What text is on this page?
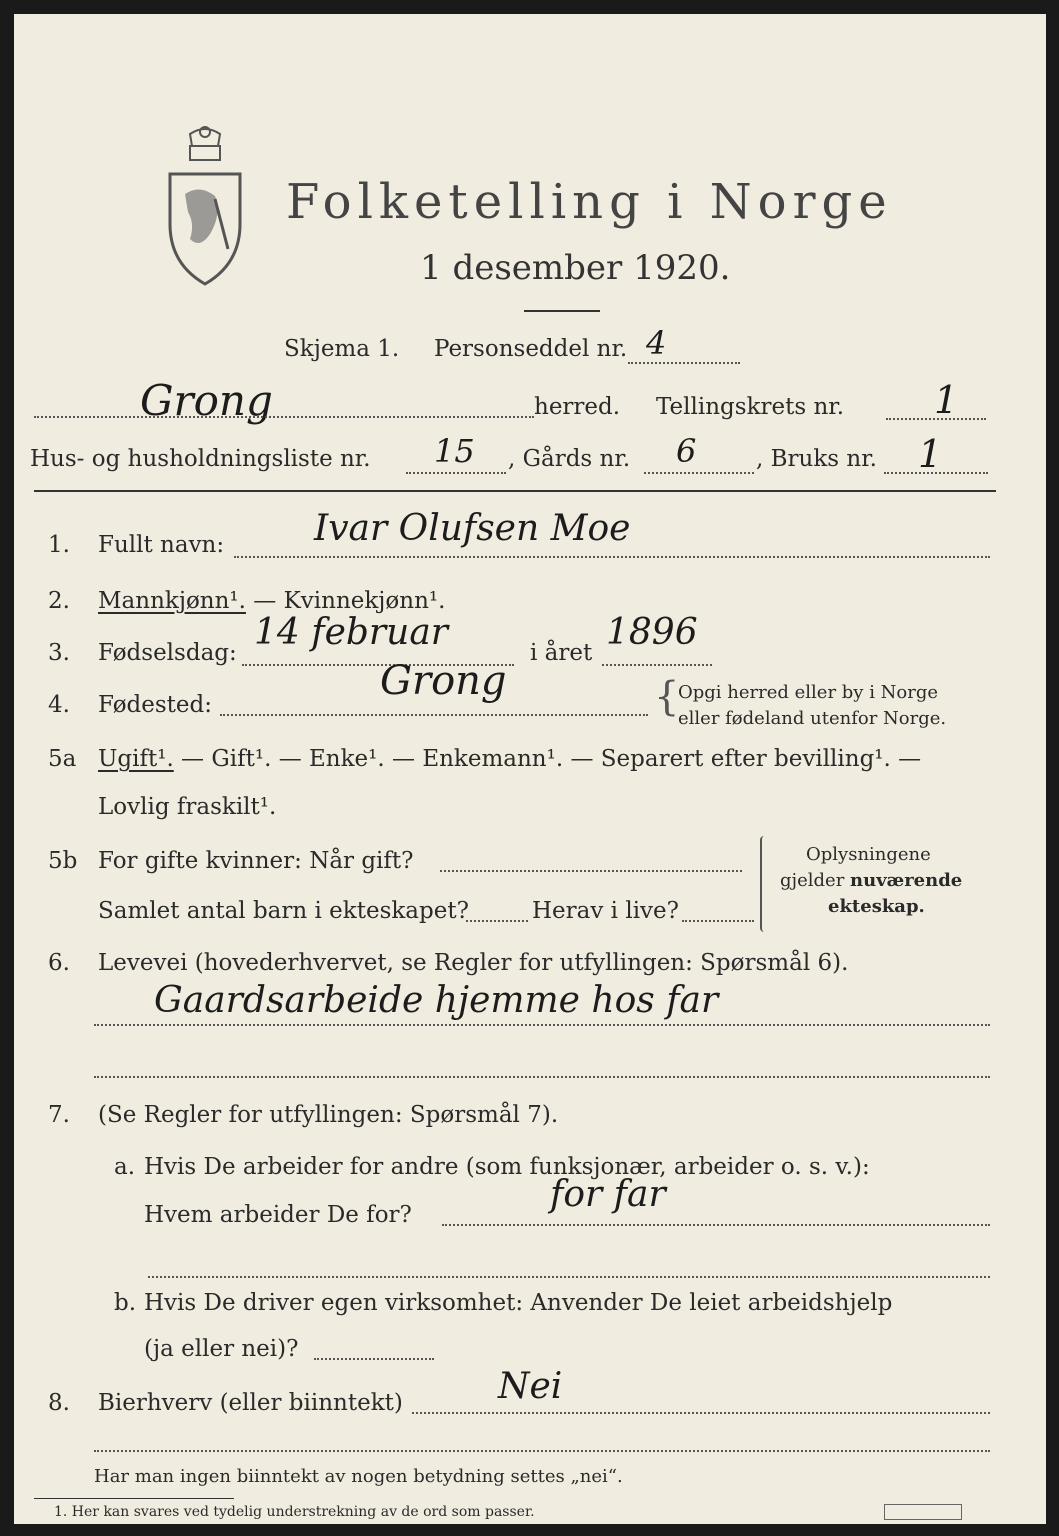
Folketelling i Norge
1 desember 1920.
Skjema 1. Personseddel nr. 4
Grong	herred. Tellingskrets nr. 1
Hus- og husholdningsliste nr. 15 , Gårds nr. 6	, Bruks nr. 1
1. Fullt navn: Ivar Olufsen Moe
2. Mannkjønn¹. — Kvinnekjønn¹.
3. Fødselsdag: 14 februar	i året 1896
4. Fødested:
Grong	{
Opgi herred eller by i Norge
eller fødeland utenfor Norge.
5a Ugift¹. — Gift¹. — Enke¹. — Enkemann¹. — Separert efter bevilling¹. —
Lovlig fraskilt¹.
5b For gifte kvinner: Når gift?
Samlet antal barn i ekteskapet?	Herav i live?
Oplysningene
gjelder nuværende
ekteskap.
6. Levevei (hovederhvervet, se Regler for utfyllingen: Spørsmål 6).
Gaardsarbeide hjemme hos far
7. (Se Regler for utfyllingen: Spørsmål 7).
a. Hvis De arbeider for andre (som funksjonær, arbeider o. s. v.):
Hvem arbeider De for?	for far
b. Hvis De driver egen virksomhet: Anvender De leiet arbeidshjelp
(ja eller nei)?
8. Bierhverv (eller biinntekt)	Nei
Har man ingen biinntekt av nogen betydning settes „nei“.
1. Her kan svares ved tydelig understrekning av de ord som passer.
